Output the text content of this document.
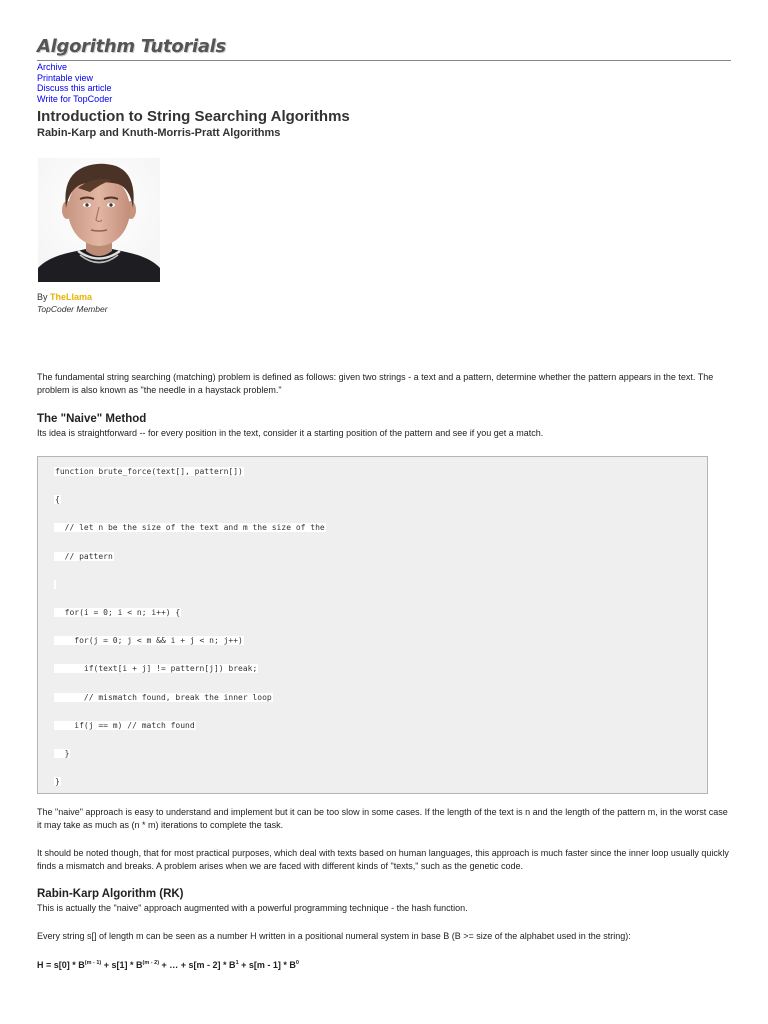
Algorithm Tutorials
Archive
Printable view
Discuss this article
Write for TopCoder
Introduction to String Searching Algorithms
Rabin-Karp and Knuth-Morris-Pratt Algorithms
By TheLlama
TopCoder Member

The fundamental string searching (matching) problem is defined as follows: given two strings - a text and a pattern, determine whether the pattern appears in the text. The problem is also known as "the needle in a haystack problem."

The "Naive" Method

Its idea is straightforward -- for every position in the text, consider it a starting position of the pattern and see if you get a match.

function brute_force(text[], pattern[])
{
// let n be the size of the text and m the size of the
// pattern
for(i = 0; i < n; i++) {
for(j = 0; j < m && i + j < n; j++)
if(text[i + j] != pattern[j]) break;
// mismatch found, break the inner loop
if(j == m) // match found
}
}

The "naive" approach is easy to understand and implement but it can be too slow in some cases. If the length of the text is n and the length of the pattern m, in the worst case it may take as much as (n * m) iterations to complete the task.

It should be noted though, that for most practical purposes, which deal with texts based on human languages, this approach is much faster since the inner loop usually quickly finds a mismatch and breaks. A problem arises when we are faced with different kinds of "texts," such as the genetic code.

Rabin-Karp Algorithm (RK)

This is actually the "naive" approach augmented with a powerful programming technique - the hash function.

Every string s[] of length m can be seen as a number H written in a positional numeral system in base B (B >= size of the alphabet used in the string):

$H = s[0] * B^{(m - 1)} + s[1] * B^{(m - 2)}$ + … + $s[m - 2] * B^1 + s[m - 1] * B^0$
